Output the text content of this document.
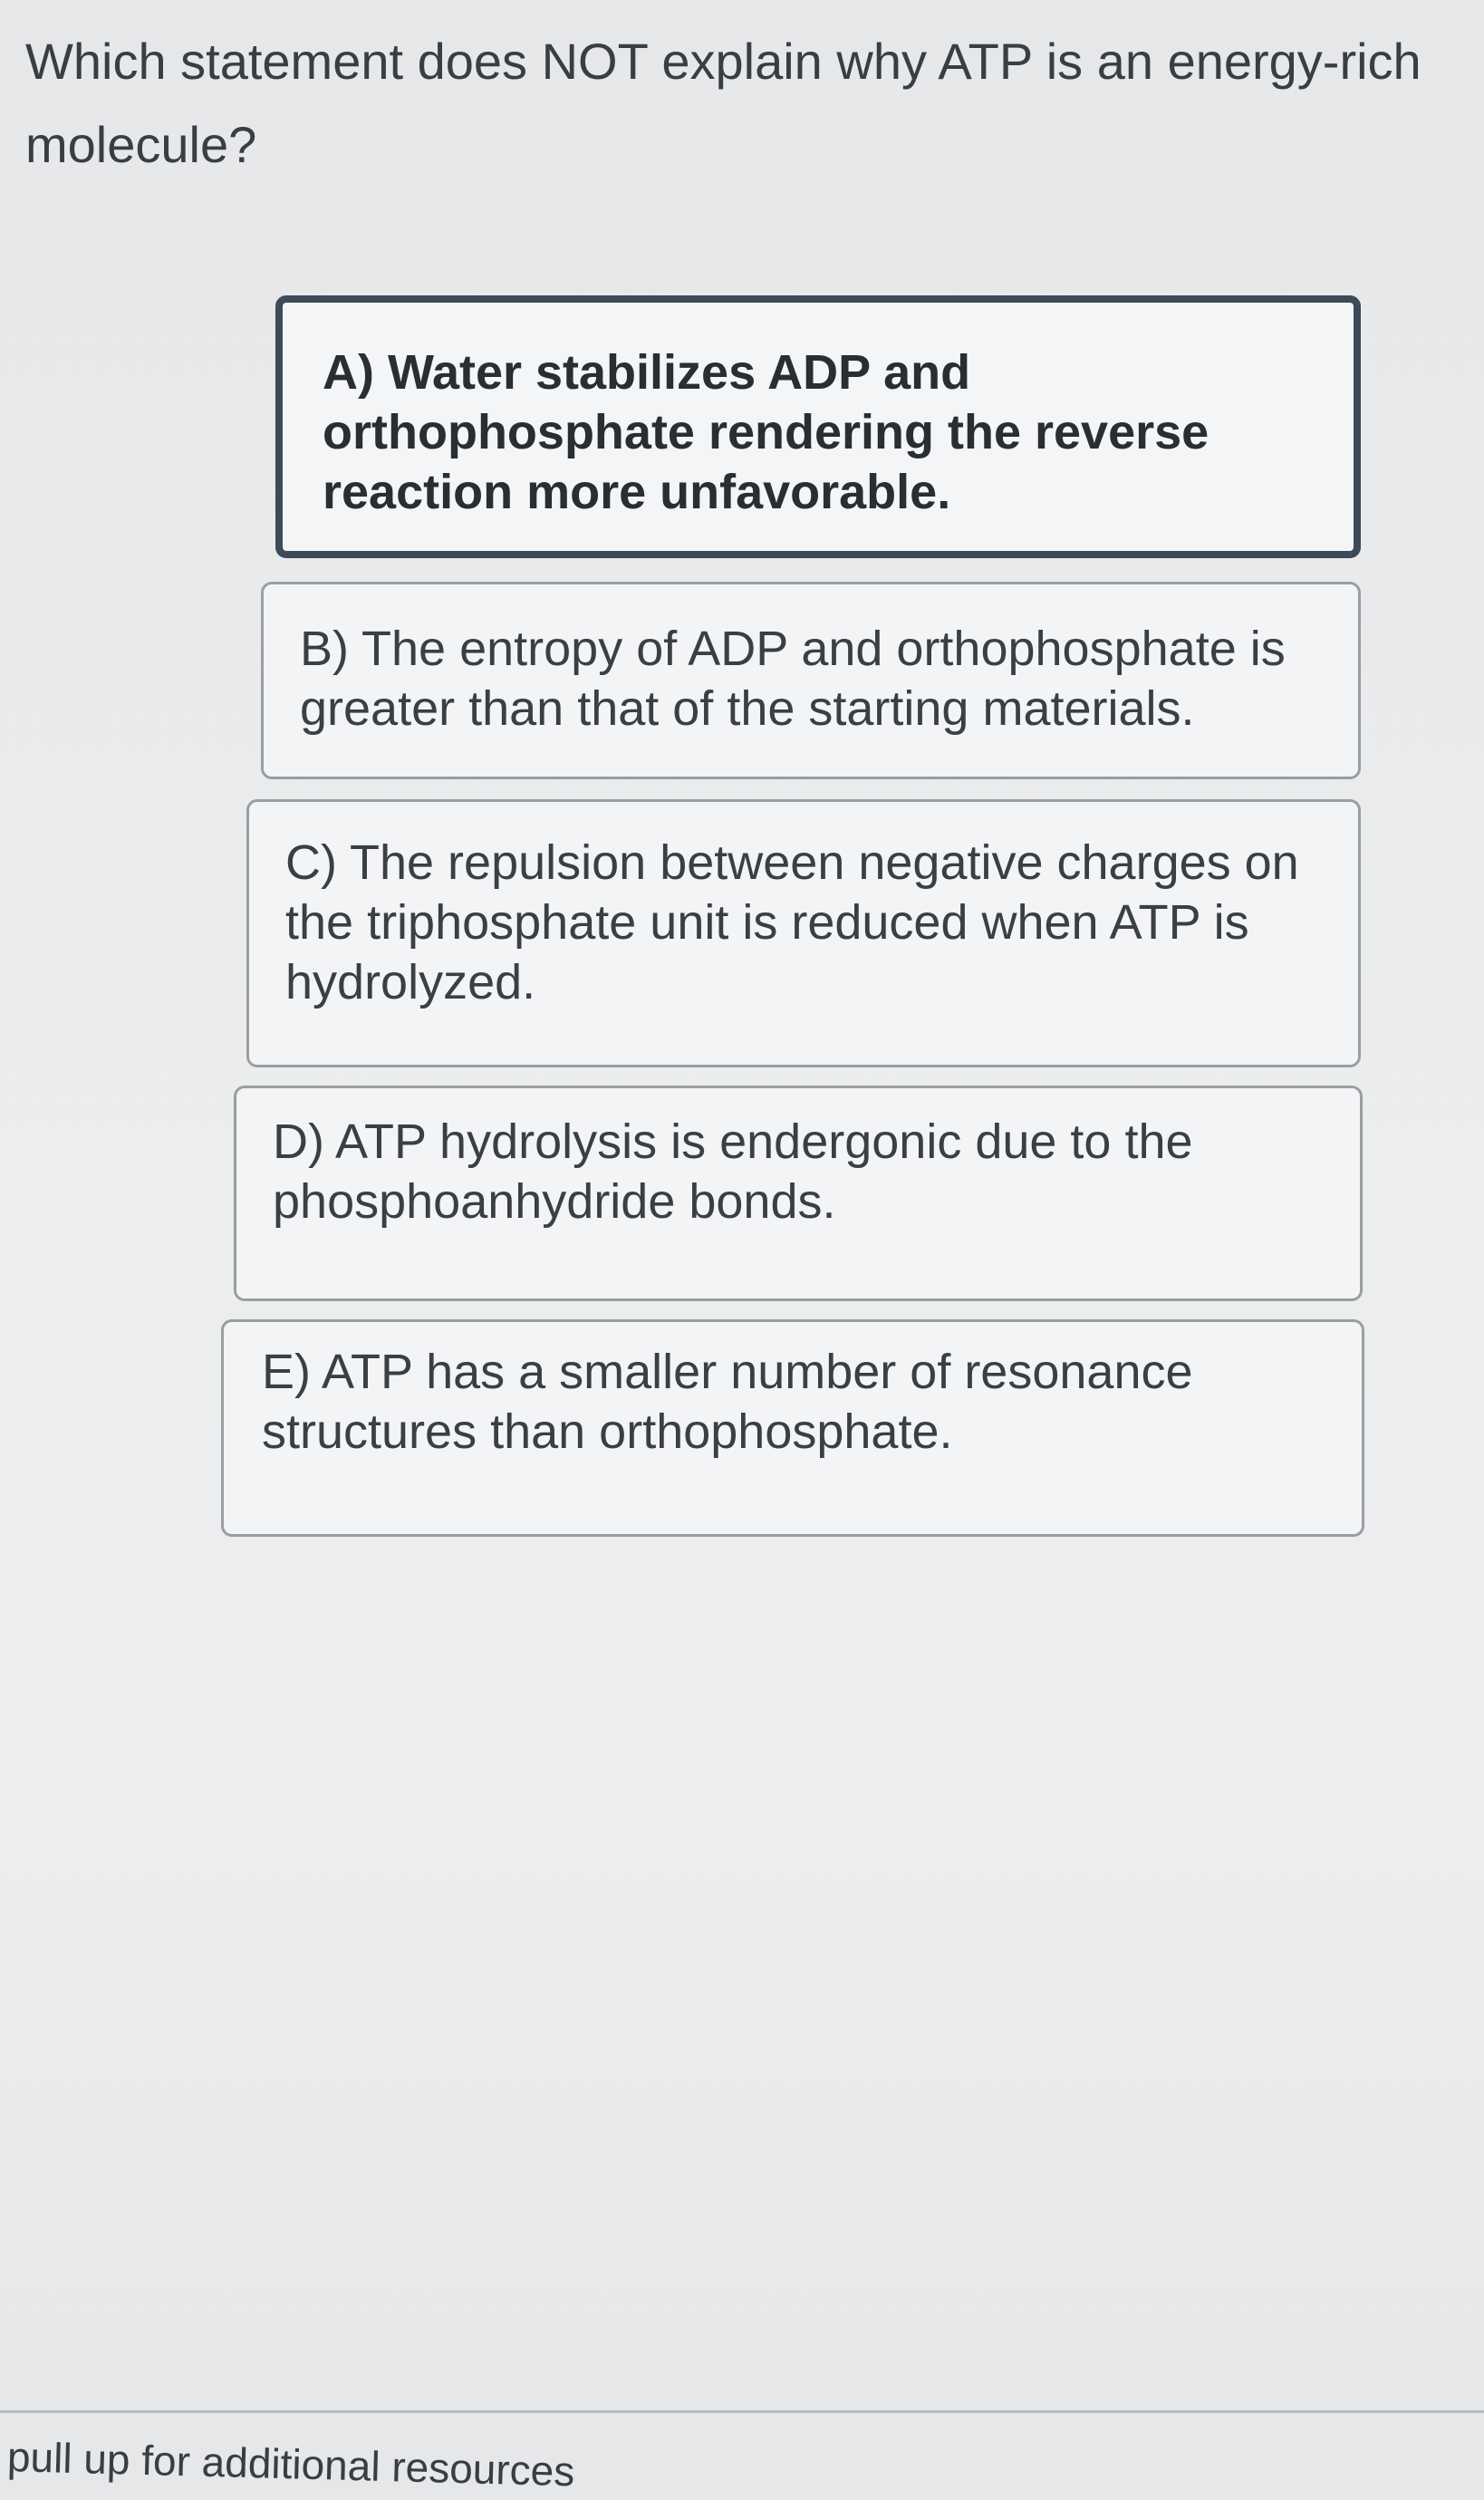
Which statement does NOT explain why ATP is an energy-rich molecule?
A) Water stabilizes ADP and orthophosphate rendering the reverse reaction more unfavorable.
B) The entropy of ADP and orthophosphate is greater than that of the starting materials.
C) The repulsion between negative charges on the triphosphate unit is reduced when ATP is hydrolyzed.
D) ATP hydrolysis is endergonic due to the phosphoanhydride bonds.
E) ATP has a smaller number of resonance structures than orthophosphate.
pull up for additional resources
